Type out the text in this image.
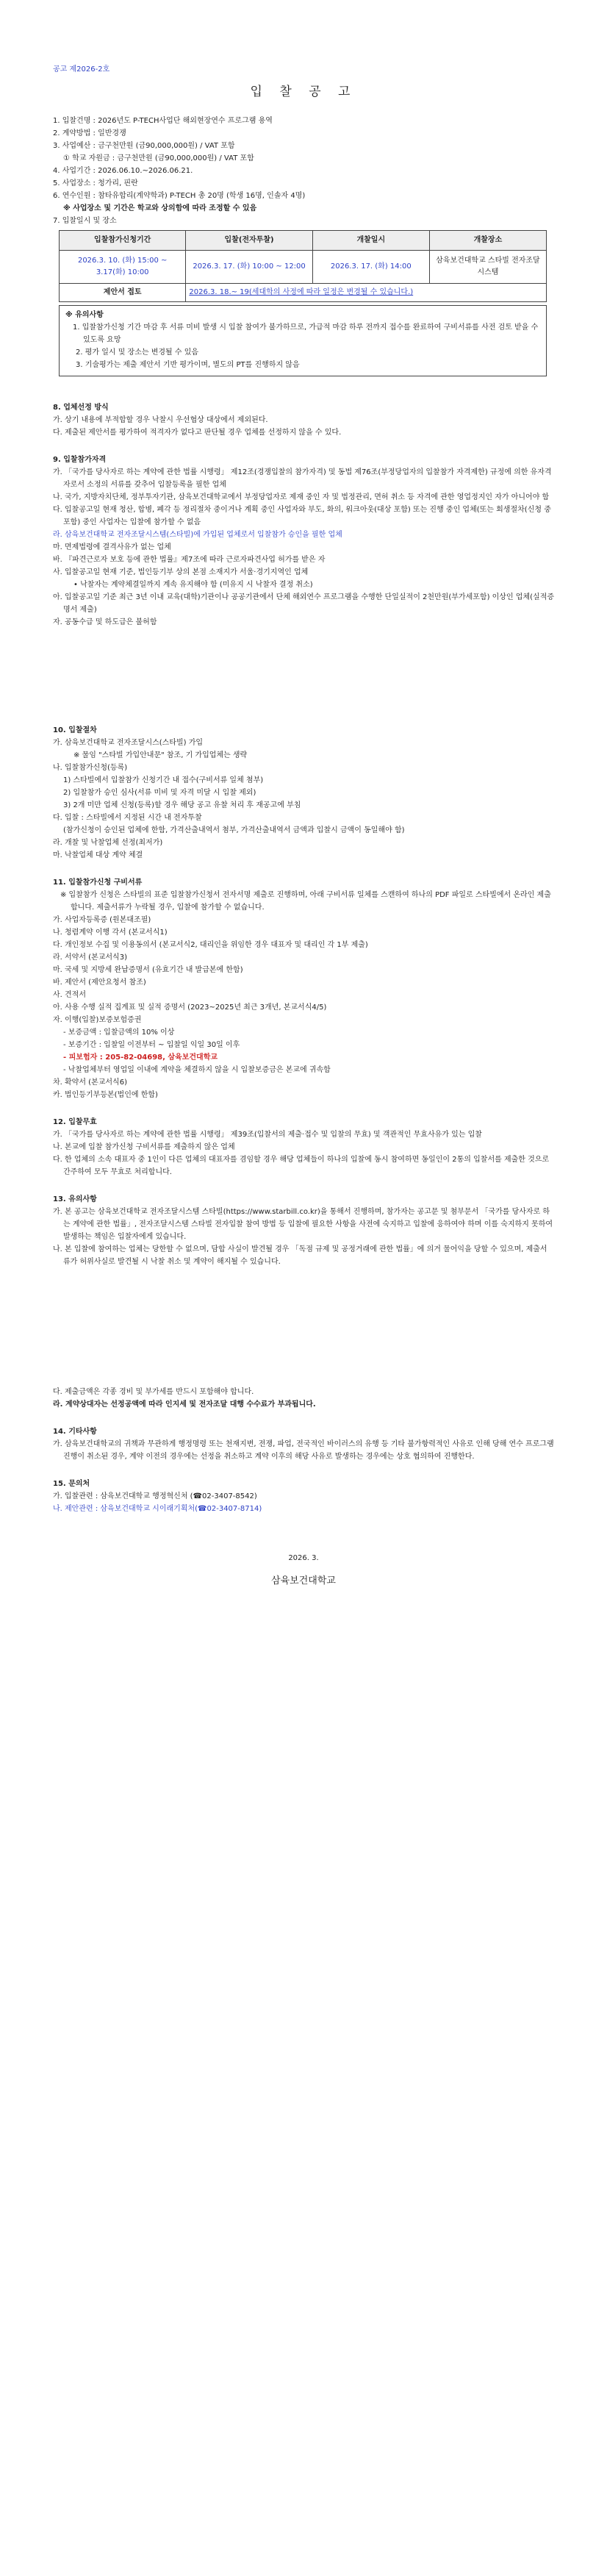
공고 제2026-2호
입 찰 공 고

1. 입찰건명 : 2026년도 P-TECH사업단 해외현장연수 프로그램 용역

2. 계약방법 : 일반경쟁

3. 사업예산 : 금구천만원 (금90,000,000원) / VAT 포함

① 학교 자원금 : 금구천만원 (금90,000,000원) / VAT 포함

4. 사업기간 : 2026.06.10.~2026.06.21.

5. 사업장소 : 청가리, 핀란

6. 연수인원 : 참타유합리(계약학과) P-TECH 총 20명 (학생 16명, 인솔자 4명)

※ 사업장소 및 기간은 학교와 상의함에 따라 조정할 수 있음

7. 입찰일시 및 장소

입찰참가신청기간	입찰(전자투찰)	개찰일시	개찰장소
2026.3. 10. (화) 15:00 ~ 3.17(화) 10:00	2026.3. 17. (화) 10:00 ~ 12:00	2026.3. 17. (화) 14:00	삼육보건대학교 스타빌 전자조달시스템
제안서 접토	2026.3. 18.~ 19(세대학의 사정에 따라 일정은 변경될 수 있습니다.)		

※ 유의사항

1. 입찰참가신청 기간 마감 후 서류 미비 발생 시 입찰 참여가 불가하므로, 가급적 마감 하루 전까지 접수를 완료하여 구비서류를 사전 검토 받을 수 있도록 요망

2. 평가 일시 및 장소는 변경될 수 있음

3. 기술평가는 제출 제안서 기반 평가이며, 별도의 PT를 진행하지 않음

8. 업체선정 방식

가. 상기 내용에 부적합할 경우 낙찰시 우선협상 대상에서 제외된다.

다. 제출된 제안서를 평가하여 적격자가 없다고 판단될 경우 업체를 선정하지 않을 수 있다.

9. 입찰참가자격

가. 「국가를 당사자로 하는 계약에 관한 법률 시행령」 제12조(경쟁입찰의 참가자격) 및 동법 제76조(부정당업자의 입찰참가 자격제한) 규정에 의한 유자격자로서 소정의 서류를 갖추어 입찰등록을 필한 업체

나. 국가, 지방자치단체, 정부투자기관, 삼육보건대학교에서 부정당업자로 제재 중인 자 및 법정관리, 면허 취소 등 자격에 관한 영업정지인 자가 아니어야 함

다. 입찰공고일 현재 청산, 합병, 폐각 등 정리절차 중이거나 계획 중인 사업자와 부도, 화의, 워크아웃(대상 포함) 또는 진행 중인 업체(또는 회생절차(신청 중 포함) 중인 사업자는 입찰에 참가할 수 없음

라. 삼육보건대학교 전자조달시스템(스타빌)에 가입된 업체로서 입찰참가 승인을 필한 업체

마. 면제법령에 결격사유가 없는 업체

바. 『파견근로자 보호 등에 관한 법률』제7조에 따라 근로자파견사업 허가를 받은 자

사. 입찰공고일 현재 기준, 법인등기부 상의 본점 소재지가 서울·경기지역인 업체

• 낙찰자는 계약체결일까지 계속 유지해야 함 (미유지 시 낙찰자 결정 취소)

아. 입찰공고일 기준 최근 3년 이내 교육(대학)기관이나 공공기관에서 단체 해외연수 프로그램을 수행한 단일실적이 2천만원(부가세포함) 이상인 업체(실적증명서 제출)

자. 공동수급 및 하도급은 불허함

10. 입찰절차

가. 삼육보건대학교 전자조달시스(스타빌) 가입

※ 물임 "스타빌 가입안내문" 참조, 기 가입업체는 생략

나. 입찰참가신청(등록)

1) 스타빌에서 입찰참가 신청기간 내 접수(구비서류 일체 첨부)

2) 입찰참가 승인 심사(서류 미비 및 자격 미달 시 입찰 제외)

3) 2개 미만 업체 신청(등록)할 경우 해당 공고 유찰 처리 후 재공고에 부침

다. 입찰 : 스타빌에서 지정된 시간 내 전자투찰

(참가신청이 승인된 업체에 한함, 가격산출내역서 첨부, 가격산출내역서 금액과 입찰시 금액이 동일해야 함)

라. 개찰 및 낙찰업체 선정(최저가)

마. 낙찰업체 대상 계약 체결

11. 입찰참가신청 구비서류

※ 입찰참가 신청은 스타빌의 표준 입찰참가신청서 전자서명 제출로 진행하며, 아래 구비서류 일체를 스캔하여 하나의 PDF 파일로 스타빌에서 온라인 제출합니다. 제출서류가 누락될 경우, 입찰에 참가할 수 없습니다.

가. 사업자등록증 (원본대조필)

나. 청렴계약 이행 각서 (본교서식1)

다. 개인정보 수집 및 이용동의서 (본교서식2, 대리인을 위임한 경우 대표자 및 대리인 각 1부 제출)

라. 서약서 (본교서식3)

마. 국세 및 지방세 완납증명서 (유효기간 내 발급본에 한함)

바. 제안서 (제안요청서 참조)

사. 견적서

아. 사용 수행 실적 집계표 및 실적 증명서 (2023~2025년 최근 3개년, 본교서식4/5)

자. 이행(입찰)보증보험증권

- 보증금액 : 입찰금액의 10% 이상

- 보증기간 : 입찰일 이전부터 ~ 입찰일 익일 30일 이후

- 피보험자 : 205-82-04698, 삼육보건대학교

- 낙찰업체부터 영업일 이내에 계약을 체결하지 않을 시 입찰보증금은 본교에 귀속함

차. 확약서 (본교서식6)

카. 법인등기부등본(법인에 한함)

12. 입찰무효

가. 「국가를 당사자로 하는 계약에 관한 법률 시행령」 제39조(입찰서의 제출·접수 및 입찰의 무효) 및 객관적인 무효사유가 있는 입찰

나. 본교에 입찰 참가신청 구비서류를 제출하지 않은 업체

다. 한 업체의 소속 대표자 중 1인이 다른 업체의 대표자를 겸임할 경우 해당 업체들이 하나의 입찰에 동시 참여하면 동일인이 2통의 입찰서를 제출한 것으로 간주하여 모두 무효로 처리합니다.

13. 유의사항

가. 본 공고는 삼육보건대학교 전자조달시스템 스타빌(https://www.starbill.co.kr)을 통해서 진행하며, 참가자는 공고문 및 첨부문서 「국가를 당사자로 하는 계약에 관한 법률」, 전자조달시스템 스타빌 전자입찰 참여 방법 등 입찰에 필요한 사항을 사전에 숙지하고 입찰에 응하여야 하며 이를 숙지하지 못하여 발생하는 책임은 입찰자에게 있습니다.

나. 본 입찰에 참여하는 업체는 당한할 수 없으며, 담합 사실이 발견될 경우 「독점 규제 및 공정거래에 관한 법률」에 의거 물어익을 당할 수 있으며, 제출서류가 허위사실로 발견될 시 낙찰 취소 및 계약이 해지될 수 있습니다.

다. 제출금액은 각종 경비 및 부가세를 반드시 포함해야 합니다.

라. 계약상대자는 선정공액에 따라 인지세 및 전자조달 대행 수수료가 부과됩니다.

14. 기타사항

가. 삼육보건대학교의 귀책과 무관하게 행정명령 또는 천재지변, 전쟁, 파업, 전국적인 바이러스의 유행 등 기타 불가항력적인 사유로 인해 당해 연수 프로그램 진행이 취소된 경우, 계약 이전의 경우에는 선정을 취소하고 계약 이후의 해당 사유로 발생하는 경우에는 상호 협의하여 진행한다.

15. 문의처

가. 입찰관련 : 삼육보건대학교 행정혁신처 (☎02-3407-8542)

나. 제안관련 : 삼육보건대학교 시이래기획처(☎02-3407-8714)

2026. 3.

삼육보건대학교
